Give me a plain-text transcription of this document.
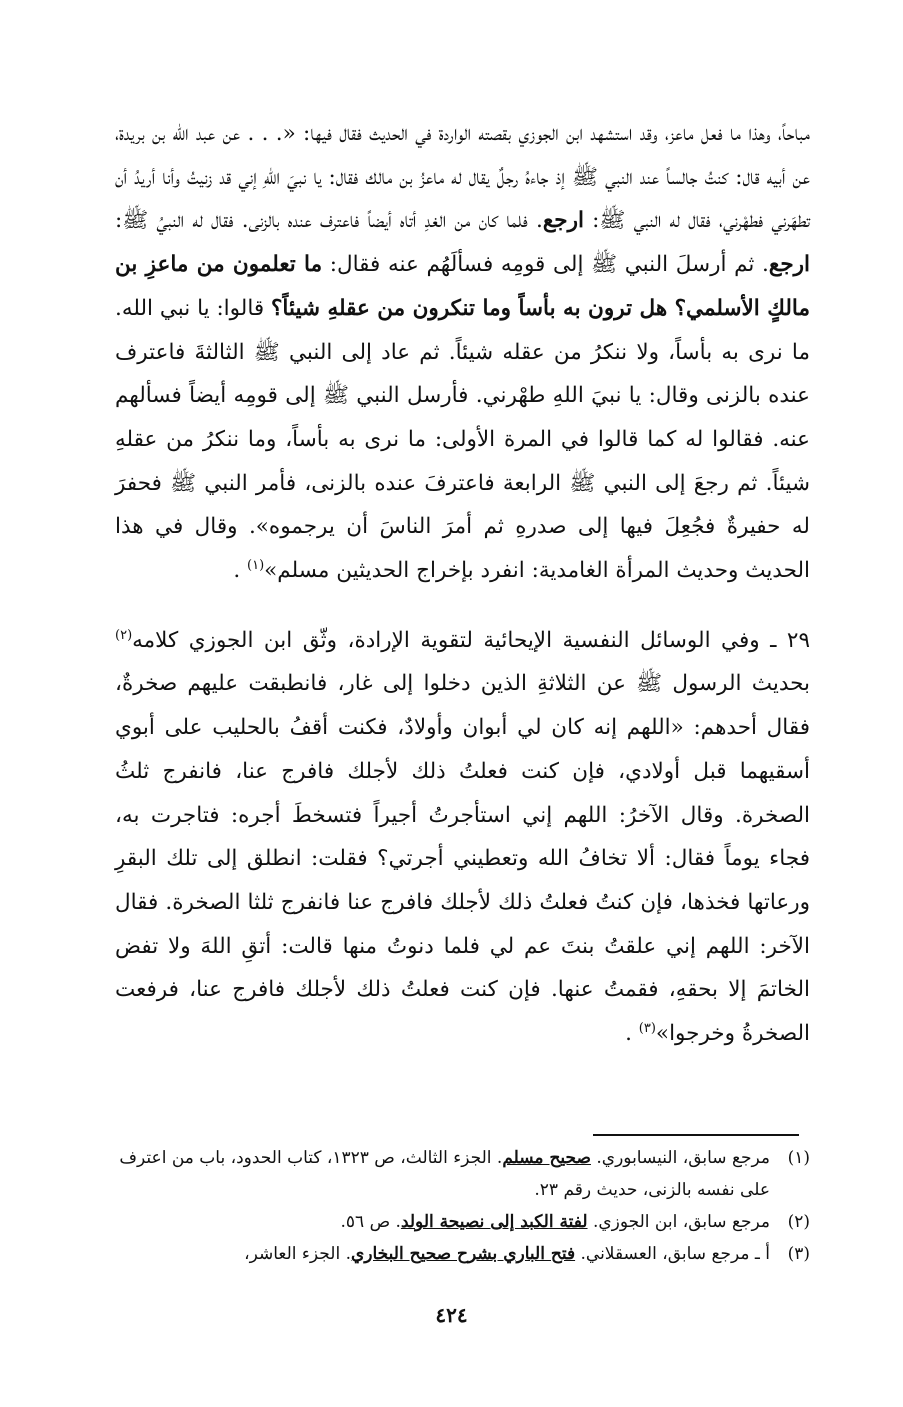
مباحاً، وهذا ما فعل ماعز، وقد استشهد ابن الجوزي بقصته الواردة في الحديث فقال فيها: «. . . عن عبد الله بن بريدة، عن أبيه قال: كنتُ جالساً عند النبي ﷺ إذ جاءهُ رجلٌ يقال له ماعزُ بن مالك فقال: يا نبيَ اللهِ إني قد زنيتُ وأنا أريدُ أن تطهَرني فطهْرني، فقال له النبي ﷺ: ارجع. فلما كان من الغدِ أتاه أيضاً فاعترف عنده بالزنى. فقال له النبيُ ﷺ: ارجع. ثم أرسلَ النبي ﷺ إلى قومِه فسألَهُم عنه فقال: ما تعلمون من ماعزِ بن مالكٍ الأسلمي؟ هل ترون به بأساً وما تنكرون من عقلهِ شيئاً؟ قالوا: يا نبي الله. ما نرى به بأساً، ولا ننكرُ من عقله شيئاً. ثم عاد إلى النبي ﷺ الثالثةَ فاعترف عنده بالزنى وقال: يا نبيَ اللهِ طهْرني. فأرسل النبي ﷺ إلى قومِه أيضاً فسألهم عنه. فقالوا له كما قالوا في المرة الأولى: ما نرى به بأساً، وما ننكرُ من عقلهِ شيئاً. ثم رجعَ إلى النبي ﷺ الرابعة فاعترفَ عنده بالزنى، فأمر النبي ﷺ فحفرَ له حفيرةٌ فجُعِلَ فيها إلى صدرهِ ثم أمرَ الناسَ أن يرجموه». وقال في هذا الحديث وحديث المرأة الغامدية: انفرد بإخراج الحديثين مسلم»$^{(١)}$ .

٢٩ ـ وفي الوسائل النفسية الإيحائية لتقوية الإرادة، وثّق ابن الجوزي كلامه$^{(٢)}$ بحديث الرسول ﷺ عن الثلاثةِ الذين دخلوا إلى غار، فانطبقت عليهم صخرةٌ، فقال أحدهم: «اللهم إنه كان لي أبوان وأولادٌ، فكنت أقفُ بالحليب على أبوي أسقيهما قبل أولادي، فإن كنت فعلتُ ذلك لأجلك فافرج عنا، فانفرج ثلثُ الصخرة. وقال الآخرُ: اللهم إني استأجرتُ أجيراً فتسخطَ أجره: فتاجرت به، فجاء يوماً فقال: ألا تخافُ الله وتعطيني أجرتي؟ فقلت: انطلق إلى تلك البقرِ ورعاتها فخذها، فإن كنتُ فعلتُ ذلك لأجلك فافرج عنا فانفرج ثلثا الصخرة. فقال الآخر: اللهم إني علقتُ بنتَ عم لي فلما دنوتُ منها قالت: أتقِ اللهَ ولا تفض الخاتمَ إلا بحقهِ، فقمتُ عنها. فإن كنت فعلتُ ذلك لأجلك فافرج عنا، فرفعت الصخرةُ وخرجوا»$^{(٣)}$ .

(١)
مرجع سابق، النيسابوري. صحيح مسلم. الجزء الثالث، ص ١٣٢٣، كتاب الحدود، باب من اعترف على نفسه بالزنى، حديث رقم ٢٣.
(٢)
مرجع سابق، ابن الجوزي. لفتة الكبد إلى نصيحة الولد. ص ٥٦.
(٣)
أ ـ مرجع سابق، العسقلاني. فتح الباري بشرح صحيح البخاري. الجزء العاشر،
٤٢٤
